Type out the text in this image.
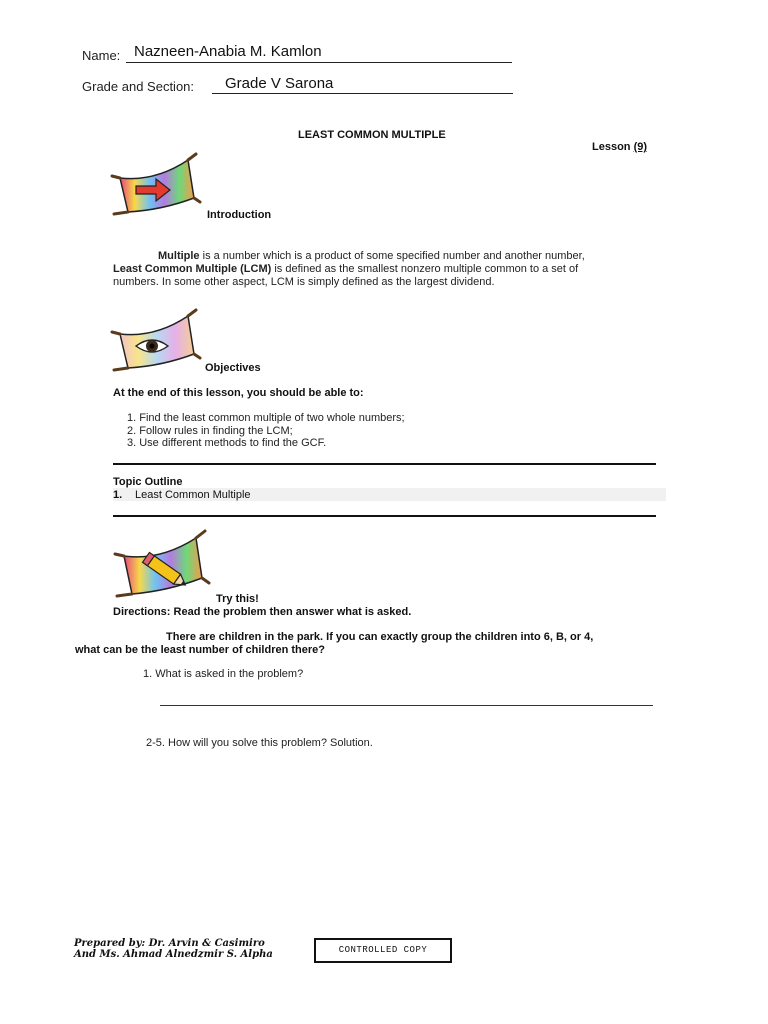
Name: Nazneen-Anabia M. Kamlon
Grade and Section: Grade V Sarona
LEAST COMMON MULTIPLE
Lesson (9)
Introduction
Multiple is a number which is a product of some specified number and another number,
Least Common Multiple (LCM) is defined as the smallest nonzero multiple common to a set of
numbers. In some other aspect, LCM is simply defined as the largest dividend.
Objectives
At the end of this lesson, you should be able to:
1. Find the least common multiple of two whole numbers;
2. Follow rules in finding the LCM;
3. Use different methods to find the GCF.
Topic Outline
1. Least Common Multiple
Try this!
Directions: Read the problem then answer what is asked.
There are children in the park. If you can exactly group the children into 6, B, or 4,
what can be the least number of children there?
1. What is asked in the problem?
2-5. How will you solve this problem? Solution.
Prepared by: Dr. Arvin & Casimiro
And Ms. Ahmad Alnedzmir S. Alpha	CONTROLLED COPY
